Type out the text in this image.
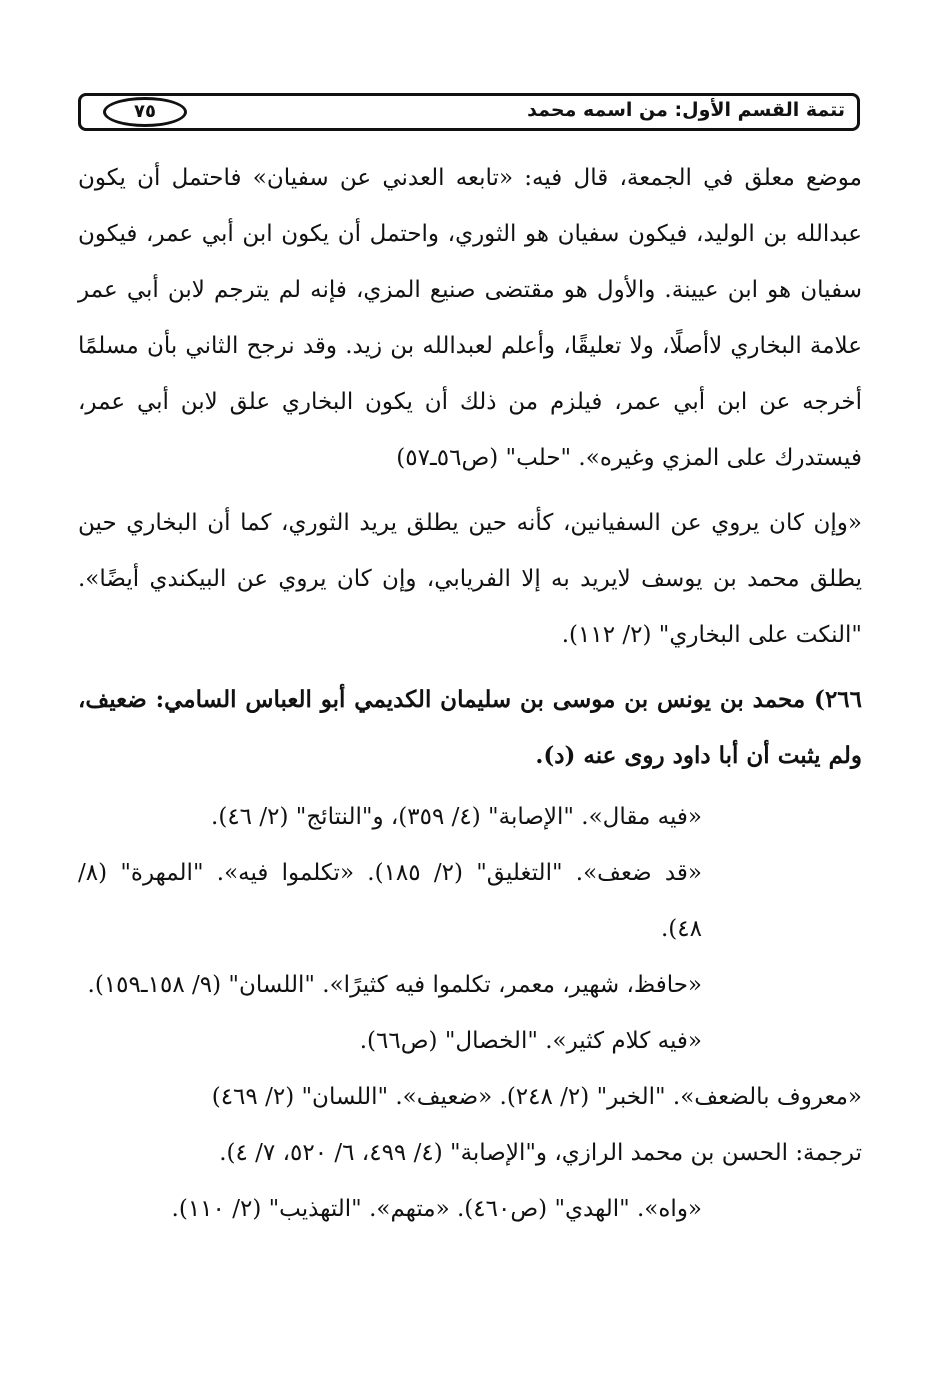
تتمة القسم الأول: من اسمه محمد
٧٥

موضع معلق في الجمعة، قال فيه: «تابعه العدني عن سفيان» فاحتمل أن يكون عبدالله بن الوليد، فيكون سفيان هو الثوري، واحتمل أن يكون ابن أبي عمر، فيكون سفيان هو ابن عيينة. والأول هو مقتضى صنيع المزي، فإنه لم يترجم لابن أبي عمر علامة البخاري لاأصلًا، ولا تعليقًا، وأعلم لعبدالله بن زيد. وقد نرجح الثاني بأن مسلمًا أخرجه عن ابن أبي عمر، فيلزم من ذلك أن يكون البخاري علق لابن أبي عمر، فيستدرك على المزي وغيره». "حلب" (ص٥٦ـ٥٧)

«وإن كان يروي عن السفيانين، كأنه حين يطلق يريد الثوري، كما أن البخاري حين يطلق محمد بن يوسف لايريد به إلا الفريابي، وإن كان يروي عن البيكندي أيضًا». "النكت على البخاري" (٢/ ١١٢).

٢٦٦) محمد بن يونس بن موسى بن سليمان الكديمي أبو العباس السامي: ضعيف، ولم يثبت أن أبا داود روى عنه (د).

«فيه مقال». "الإصابة" (٤/ ٣٥٩)، و"النتائج" (٢/ ٤٦).

«قد ضعف». "التغليق" (٢/ ١٨٥). «تكلموا فيه». "المهرة" (٨/ ٤٨).

«حافظ، شهير، معمر، تكلموا فيه كثيرًا». "اللسان" (٩/ ١٥٨ـ١٥٩).

«فيه كلام كثير». "الخصال" (ص٦٦).

«معروف بالضعف». "الخبر" (٢/ ٢٤٨). «ضعيف». "اللسان" (٢/ ٤٦٩)

ترجمة: الحسن بن محمد الرازي، و"الإصابة" (٤/ ٤٩٩، ٦/ ٥٢٠، ٧/ ٤).

«واه». "الهدي" (ص٤٦٠). «متهم». "التهذيب" (٢/ ١١٠).
